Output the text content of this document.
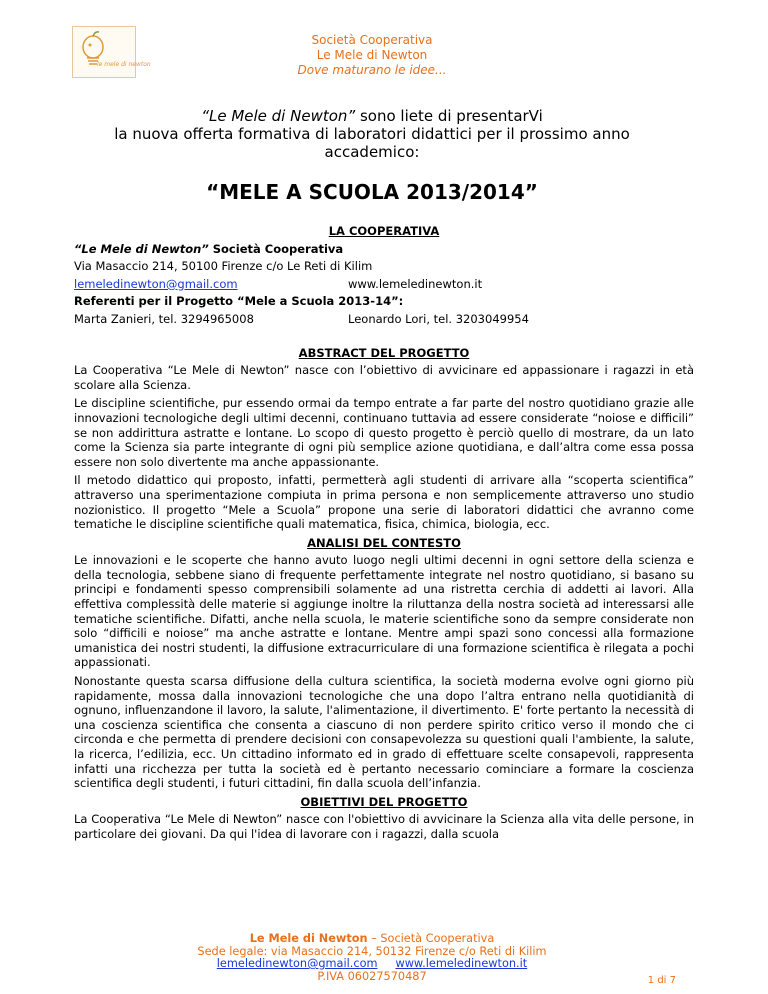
le mele di newton
Società Cooperativa
Le Mele di Newton
Dove maturano le idee...

“Le Mele di Newton” sono liete di presentarVi

la nuova offerta formativa di laboratori didattici per il prossimo anno

accademico:

“MELE A SCUOLA 2013/2014”
LA COOPERATIVA
“Le Mele di Newton” Società Cooperativa
Via Masaccio 214, 50100 Firenze c/o Le Reti di Kilim
lemeledinewton@gmail.com	www.lemeledinewton.it
Referenti per il Progetto “Mele a Scuola 2013-14”:
Marta Zanieri, tel. 3294965008	Leonardo Lori, tel. 3203049954
ABSTRACT DEL PROGETTO

La Cooperativa “Le Mele di Newton” nasce con l’obiettivo di avvicinare ed appassionare i ragazzi in età scolare alla Scienza.

Le discipline scientifiche, pur essendo ormai da tempo entrate a far parte del nostro quotidiano grazie alle innovazioni tecnologiche degli ultimi decenni, continuano tuttavia ad essere considerate “noiose e difficili” se non addirittura astratte e lontane. Lo scopo di questo progetto è perciò quello di mostrare, da un lato come la Scienza sia parte integrante di ogni più semplice azione quotidiana, e dall’altra come essa possa essere non solo divertente ma anche appassionante.

Il metodo didattico qui proposto, infatti, permetterà agli studenti di arrivare alla “scoperta scientifica” attraverso una sperimentazione compiuta in prima persona e non semplicemente attraverso uno studio nozionistico. Il progetto “Mele a Scuola” propone una serie di laboratori didattici che avranno come tematiche le discipline scientifiche quali matematica, fisica, chimica, biologia, ecc.

ANALISI DEL CONTESTO

Le innovazioni e le scoperte che hanno avuto luogo negli ultimi decenni in ogni settore della scienza e della tecnologia, sebbene siano di frequente perfettamente integrate nel nostro quotidiano, si basano su principi e fondamenti spesso comprensibili solamente ad una ristretta cerchia di addetti ai lavori. Alla effettiva complessità delle materie si aggiunge inoltre la riluttanza della nostra società ad interessarsi alle tematiche scientifiche. Difatti, anche nella scuola, le materie scientifiche sono da sempre considerate non solo “difficili e noiose” ma anche astratte e lontane. Mentre ampi spazi sono concessi alla formazione umanistica dei nostri studenti, la diffusione extracurriculare di una formazione scientifica è rilegata a pochi appassionati.

Nonostante questa scarsa diffusione della cultura scientifica, la società moderna evolve ogni giorno più rapidamente, mossa dalla innovazioni tecnologiche che una dopo l’altra entrano nella quotidianità di ognuno, influenzandone il lavoro, la salute, l'alimentazione, il divertimento. E' forte pertanto la necessità di una coscienza scientifica che consenta a ciascuno di non perdere spirito critico verso il mondo che ci circonda e che permetta di prendere decisioni con consapevolezza su questioni quali l'ambiente, la salute, la ricerca, l’edilizia, ecc. Un cittadino informato ed in grado di effettuare scelte consapevoli, rappresenta infatti una ricchezza per tutta la società ed è pertanto necessario cominciare a formare la coscienza scientifica degli studenti, i futuri cittadini, fin dalla scuola dell’infanzia.

OBIETTIVI DEL PROGETTO

La Cooperativa “Le Mele di Newton” nasce con l'obiettivo di avvicinare la Scienza alla vita delle persone, in particolare dei giovani. Da qui l'idea di lavorare con i ragazzi, dalla scuola

Le Mele di Newton – Società Cooperativa
Sede legale: via Masaccio 214, 50132 Firenze c/o Reti di Kilim
lemeledinewton@gmail.com www.lemeledinewton.it
P.IVA 06027570487	1 di 7
